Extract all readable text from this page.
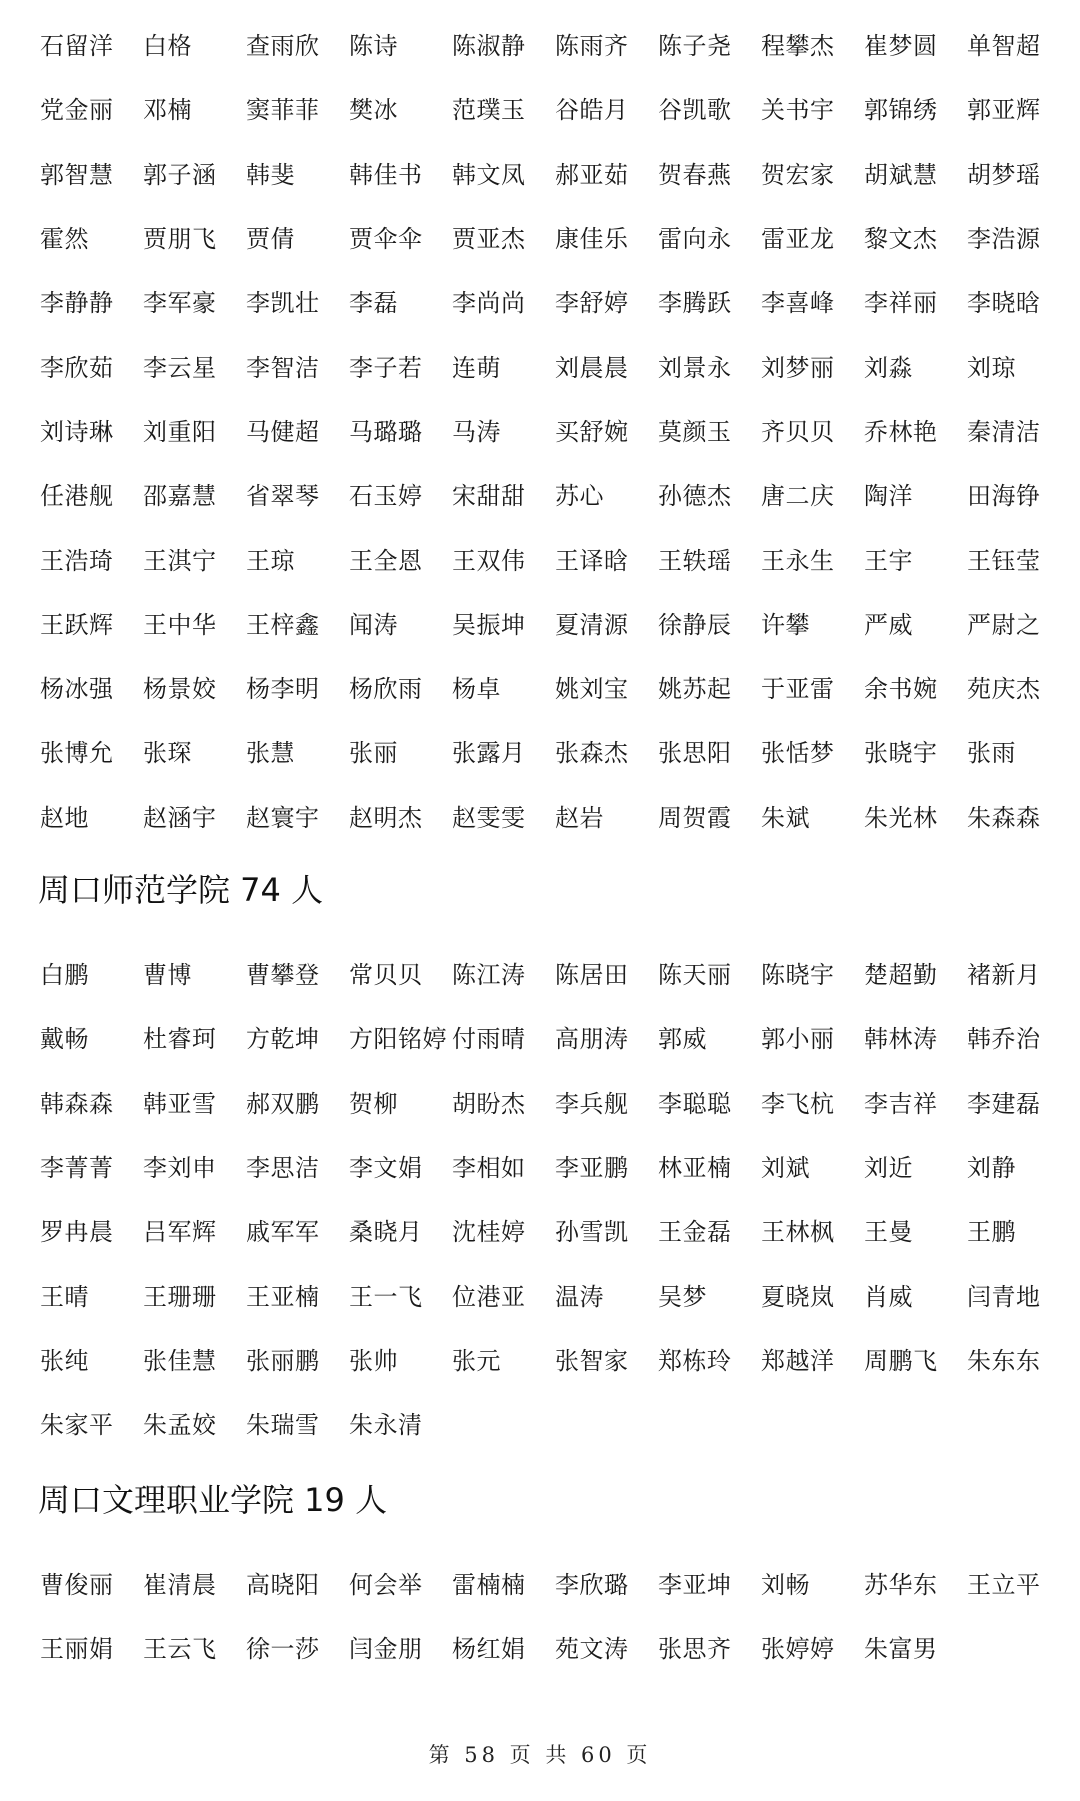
石留洋	白格	查雨欣	陈诗	陈淑静	陈雨齐	陈子尧	程攀杰	崔梦圆	单智超
党金丽	邓楠	窦菲菲	樊冰	范璞玉	谷皓月	谷凯歌	关书宇	郭锦绣	郭亚辉
郭智慧	郭子涵	韩斐	韩佳书	韩文凤	郝亚茹	贺春燕	贺宏家	胡斌慧	胡梦瑶
霍然	贾朋飞	贾倩	贾伞伞	贾亚杰	康佳乐	雷向永	雷亚龙	黎文杰	李浩源
李静静	李军豪	李凯壮	李磊	李尚尚	李舒婷	李腾跃	李喜峰	李祥丽	李晓晗
李欣茹	李云星	李智洁	李子若	连萌	刘晨晨	刘景永	刘梦丽	刘淼	刘琼
刘诗琳	刘重阳	马健超	马璐璐	马涛	买舒婉	莫颜玉	齐贝贝	乔林艳	秦清洁
任港舰	邵嘉慧	省翠琴	石玉婷	宋甜甜	苏心	孙德杰	唐二庆	陶洋	田海铮
王浩琦	王淇宁	王琼	王全恩	王双伟	王译晗	王轶瑶	王永生	王宇	王钰莹
王跃辉	王中华	王梓鑫	闻涛	吴振坤	夏清源	徐静辰	许攀	严威	严尉之
杨冰强	杨景姣	杨李明	杨欣雨	杨卓	姚刘宝	姚苏起	于亚雷	余书婉	苑庆杰
张博允	张琛	张慧	张丽	张露月	张森杰	张思阳	张恬梦	张晓宇	张雨
赵地	赵涵宇	赵寰宇	赵明杰	赵雯雯	赵岩	周贺霞	朱斌	朱光林	朱森森
周口师范学院 74 人
白鹏	曹博	曹攀登	常贝贝	陈江涛	陈居田	陈天丽	陈晓宇	楚超勤	褚新月
戴畅	杜睿珂	方乾坤	方阳铭婷 付雨晴	高朋涛	郭威	郭小丽	韩林涛	韩乔治
韩森森	韩亚雪	郝双鹏	贺柳	胡盼杰	李兵舰	李聪聪	李飞杭	李吉祥	李建磊
李菁菁	李刘申	李思洁	李文娟	李相如	李亚鹏	林亚楠	刘斌	刘近	刘静
罗冉晨	吕军辉	戚军军	桑晓月	沈桂婷	孙雪凯	王金磊	王林枫	王曼	王鹏
王晴	王珊珊	王亚楠	王一飞	位港亚	温涛	吴梦	夏晓岚	肖威	闫青地
张纯	张佳慧	张丽鹏	张帅	张元	张智家	郑栋玲	郑越洋	周鹏飞	朱东东
朱家平	朱孟姣	朱瑞雪	朱永清
周口文理职业学院 19 人
曹俊丽	崔清晨	高晓阳	何会举	雷楠楠	李欣璐	李亚坤	刘畅	苏华东	王立平
王丽娟	王云飞	徐一莎	闫金朋	杨红娟	苑文涛	张思齐	张婷婷	朱富男
第 58 页 共 60 页
